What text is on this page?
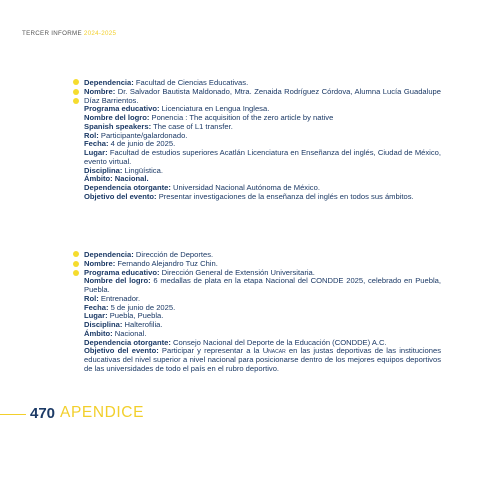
TERCER INFORME 2024-2025

Dependencia: Facultad de Ciencias Educativas.

Nombre: Dr. Salvador Bautista Maldonado, Mtra. Zenaida Rodríguez Córdova, Alumna Lucía Guadalupe Díaz Barrientos.

Programa educativo: Licenciatura en Lengua Inglesa.

Nombre del logro: Ponencia : The acquisition of the zero article by native

Spanish speakers: The case of L1 transfer.

Rol: Participante/galardonado.

Fecha: 4 de junio de 2025.

Lugar: Facultad de estudios superiores Acatlán Licenciatura en Enseñanza del inglés, Ciudad de México, evento virtual.

Disciplina: Lingüística.

Ámbito: Nacional.

Dependencia otorgante: Universidad Nacional Autónoma de México.

Objetivo del evento: Presentar investigaciones de la enseñanza del inglés en todos sus ámbitos.

Dependencia: Dirección de Deportes.

Nombre: Fernando Alejandro Tuz Chin.

Programa educativo: Dirección General de Extensión Universitaria.

Nombre del logro: 6 medallas de plata en la etapa Nacional del CONDDE 2025, celebrado en Puebla, Puebla.

Rol: Entrenador.

Fecha: 5 de junio de 2025.

Lugar: Puebla, Puebla.

Disciplina: Halterofilia.

Ámbito: Nacional.

Dependencia otorgante: Consejo Nacional del Deporte de la Educación (CONDDE) A.C.

Objetivo del evento: Participar y representar a la Unacar en las justas deportivas de las instituciones educativas del nivel superior a nivel nacional para posicionarse dentro de los mejores equipos deportivos de las universidades de todo el país en el rubro deportivo.

470 APENDICE
